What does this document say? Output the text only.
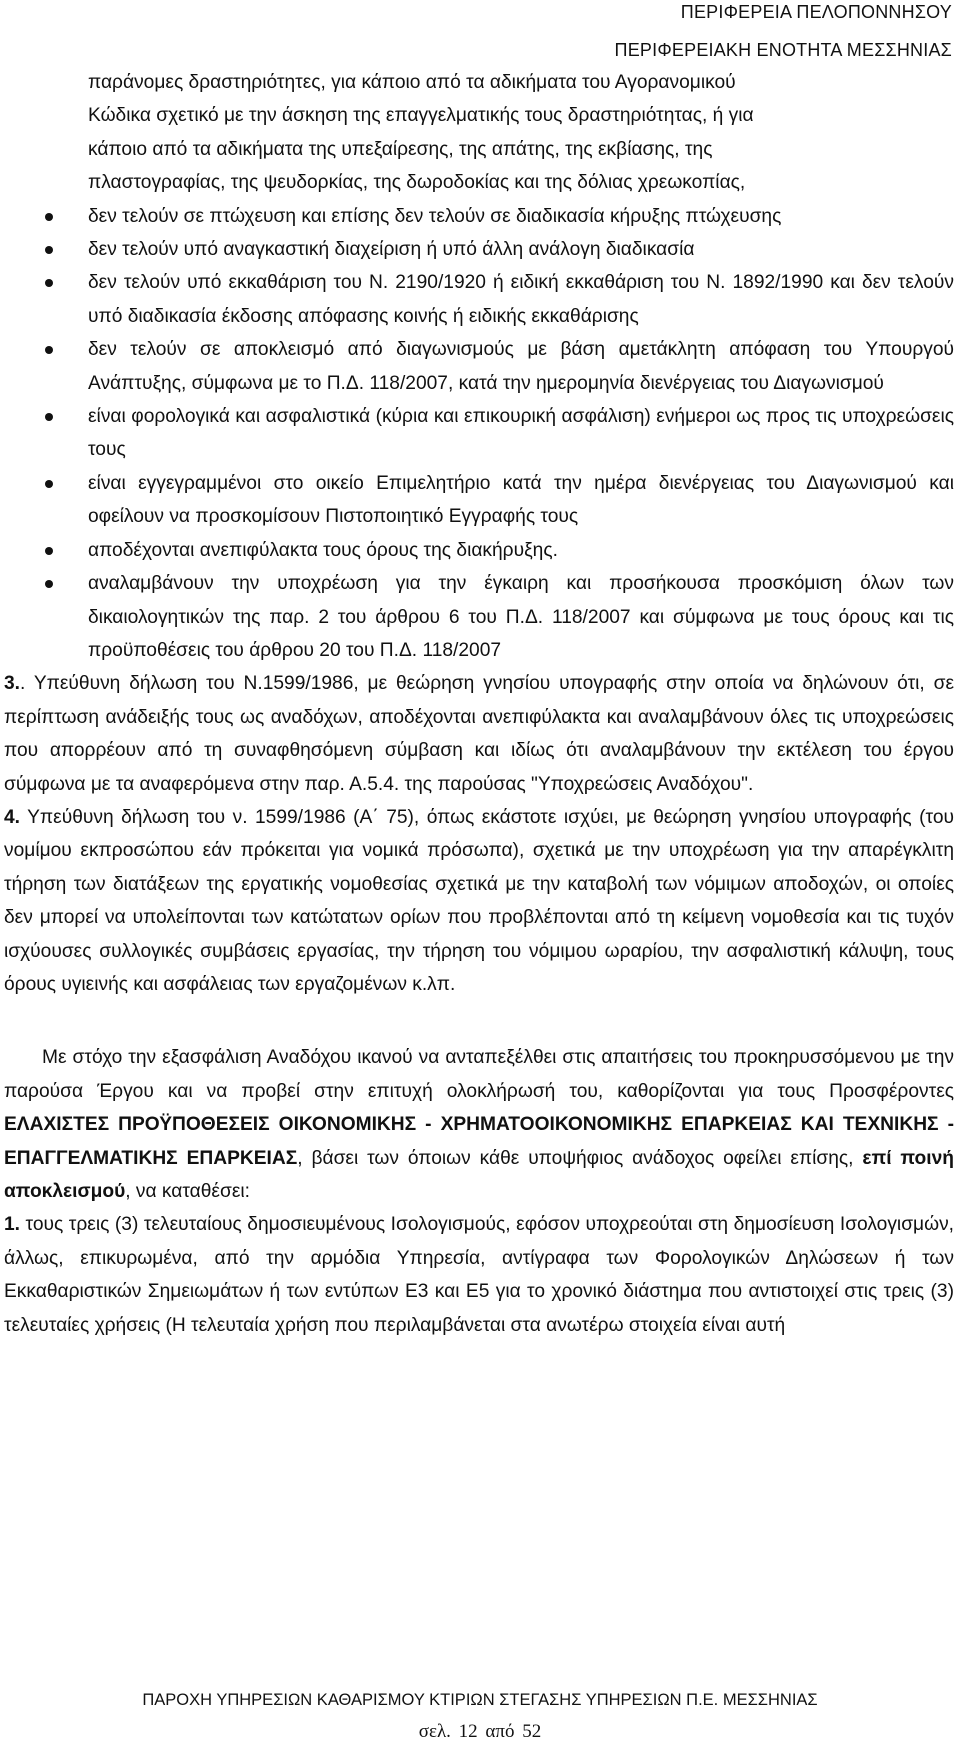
ΠΕΡΙΦΕΡΕΙΑ ΠΕΛΟΠΟΝΝΗΣΟΥ
ΠΕΡΙΦΕΡΕΙΑΚΗ ΕΝΟΤΗΤΑ ΜΕΣΣΗΝΙΑΣ
παράνομες δραστηριότητες, για κάποιο από τα αδικήματα του Αγορανομικού
Κώδικα σχετικό με την άσκηση της επαγγελματικής τους δραστηριότητας, ή για
κάποιο από τα αδικήματα της υπεξαίρεσης, της απάτης, της εκβίασης, της
πλαστογραφίας, της ψευδορκίας, της δωροδοκίας και της δόλιας χρεωκοπίας,
δεν τελούν σε πτώχευση και επίσης δεν τελούν σε διαδικασία κήρυξης πτώχευσης
δεν τελούν υπό αναγκαστική διαχείριση ή υπό άλλη ανάλογη διαδικασία
δεν τελούν υπό εκκαθάριση του Ν. 2190/1920 ή ειδική εκκαθάριση του Ν. 1892/1990 και δεν τελούν υπό διαδικασία έκδοσης απόφασης κοινής ή ειδικής εκκαθάρισης
δεν τελούν σε αποκλεισμό από διαγωνισμούς με βάση αμετάκλητη απόφαση του Υπουργού Ανάπτυξης, σύμφωνα με το Π.Δ. 118/2007, κατά την ημερομηνία διενέργειας του Διαγωνισμού
είναι φορολογικά και ασφαλιστικά (κύρια και επικουρική ασφάλιση) ενήμεροι ως προς τις υποχρεώσεις τους
είναι εγγεγραμμένοι στο οικείο Επιμελητήριο κατά την ημέρα διενέργειας του Διαγωνισμού και οφείλουν να προσκομίσουν Πιστοποιητικό Εγγραφής τους
αποδέχονται ανεπιφύλακτα τους όρους της διακήρυξης.
αναλαμβάνουν την υποχρέωση για την έγκαιρη και προσήκουσα προσκόμιση όλων των δικαιολογητικών της παρ. 2 του άρθρου 6 του Π.Δ. 118/2007 και σύμφωνα με τους όρους και τις προϋποθέσεις του άρθρου 20 του Π.Δ. 118/2007

3.. Υπεύθυνη δήλωση του Ν.1599/1986, με θεώρηση γνησίου υπογραφής στην οποία να δηλώνουν ότι, σε περίπτωση ανάδειξής τους ως αναδόχων, αποδέχονται ανεπιφύλακτα και αναλαμβάνουν όλες τις υποχρεώσεις που απορρέουν από τη συναφθησόμενη σύμβαση και ιδίως ότι αναλαμβάνουν την εκτέλεση του έργου σύμφωνα με τα αναφερόμενα στην παρ. Α.5.4. της παρούσας "Υποχρεώσεις Αναδόχου".

4. Υπεύθυνη δήλωση του ν. 1599/1986 (Α΄ 75), όπως εκάστοτε ισχύει, με θεώρηση γνησίου υπογραφής (του νομίμου εκπροσώπου εάν πρόκειται για νομικά πρόσωπα), σχετικά με την υποχρέωση για την απαρέγκλιτη τήρηση των διατάξεων της εργατικής νομοθεσίας σχετικά με την καταβολή των νόμιμων αποδοχών, οι οποίες δεν μπορεί να υπολείπονται των κατώτατων ορίων που προβλέπονται από τη κείμενη νομοθεσία και τις τυχόν ισχύουσες συλλογικές συμβάσεις εργασίας, την τήρηση του νόμιμου ωραρίου, την ασφαλιστική κάλυψη, τους όρους υγιεινής και ασφάλειας των εργαζομένων κ.λπ.

Με στόχο την εξασφάλιση Αναδόχου ικανού να ανταπεξέλθει στις απαιτήσεις του προκηρυσσόμενου με την παρούσα Έργου και να προβεί στην επιτυχή ολοκλήρωσή του, καθορίζονται για τους Προσφέροντες ΕΛΑΧΙΣΤΕΣ ΠΡΟΫΠΟΘΕΣΕΙΣ ΟΙΚΟΝΟΜΙΚΗΣ - ΧΡΗΜΑΤΟΟΙΚΟΝΟΜΙΚΗΣ ΕΠΑΡΚΕΙΑΣ ΚΑΙ ΤΕΧΝΙΚΗΣ - ΕΠΑΓΓΕΛΜΑΤΙΚΗΣ ΕΠΑΡΚΕΙΑΣ, βάσει των όποιων κάθε υποψήφιος ανάδοχος οφείλει επίσης, επί ποινή αποκλεισμού, να καταθέσει:

1. τους τρεις (3) τελευταίους δημοσιευμένους Ισολογισμούς, εφόσον υποχρεούται στη δημοσίευση Ισολογισμών, άλλως, επικυρωμένα, από την αρμόδια Υπηρεσία, αντίγραφα των Φορολογικών Δηλώσεων ή των Εκκαθαριστικών Σημειωμάτων ή των εντύπων Ε3 και Ε5 για το χρονικό διάστημα που αντιστοιχεί στις τρεις (3) τελευταίες χρήσεις (Η τελευταία χρήση που περιλαμβάνεται στα ανωτέρω στοιχεία είναι αυτή

ΠΑΡΟΧΗ ΥΠΗΡΕΣΙΩΝ ΚΑΘΑΡΙΣΜΟΥ ΚΤΙΡΙΩΝ ΣΤΕΓΑΣΗΣ ΥΠΗΡΕΣΙΩΝ Π.Ε. ΜΕΣΣΗΝΙΑΣ
σελ. 12 από 52
